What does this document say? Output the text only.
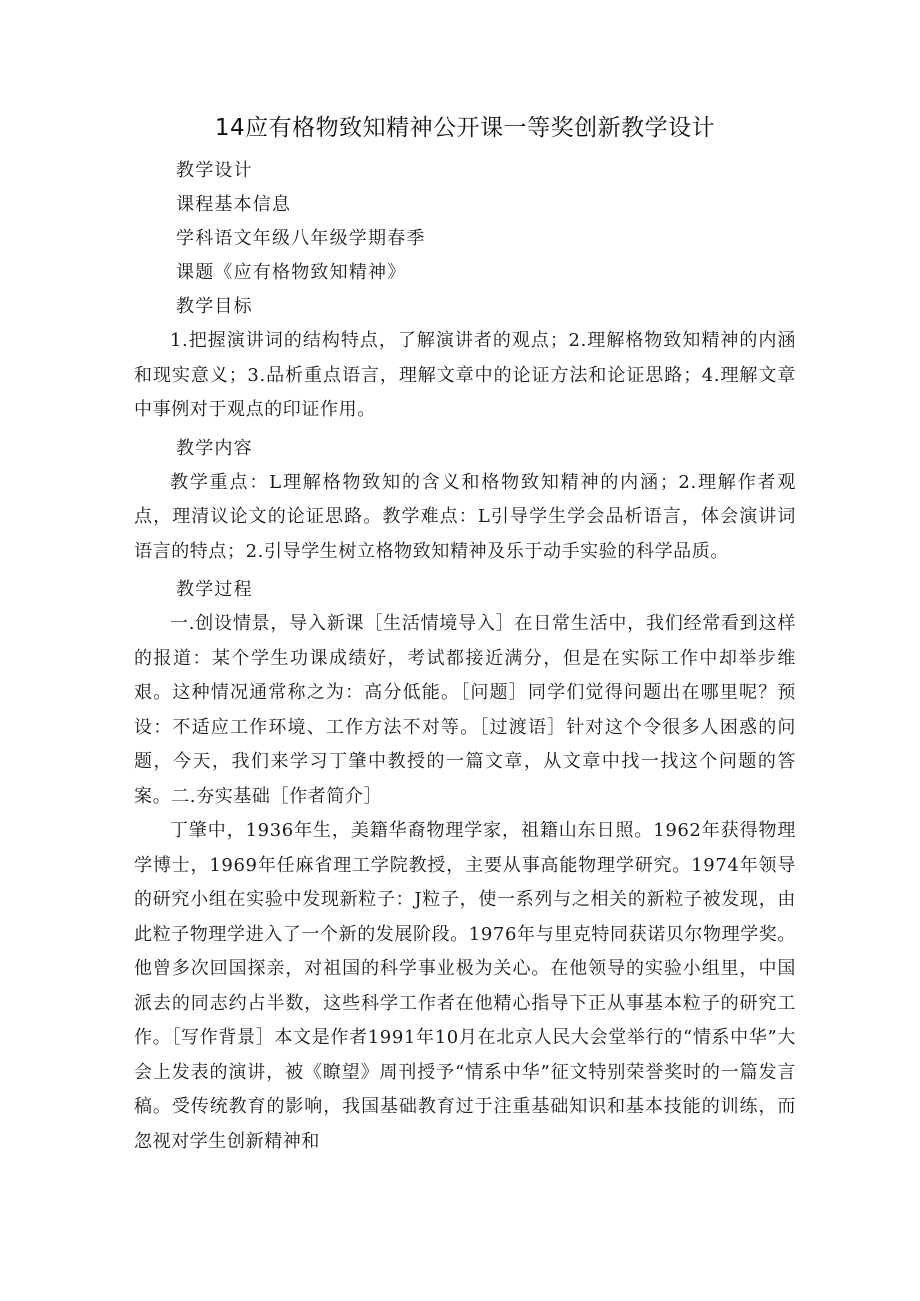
14应有格物致知精神公开课一等奖创新教学设计

教学设计

课程基本信息

学科语文年级八年级学期春季

课题《应有格物致知精神》

教学目标

1.把握演讲词的结构特点，了解演讲者的观点；2.理解格物致知精神的内涵和现实意义；3.品析重点语言，理解文章中的论证方法和论证思路；4.理解文章中事例对于观点的印证作用。

教学内容

教学重点：L理解格物致知的含义和格物致知精神的内涵；2.理解作者观点，理清议论文的论证思路。教学难点：L引导学生学会品析语言，体会演讲词语言的特点；2.引导学生树立格物致知精神及乐于动手实验的科学品质。

教学过程

一.创设情景，导入新课［生活情境导入］在日常生活中，我们经常看到这样的报道：某个学生功课成绩好，考试都接近满分，但是在实际工作中却举步维艰。这种情况通常称之为：高分低能。［问题］同学们觉得问题出在哪里呢？预设：不适应工作环境、工作方法不对等。［过渡语］针对这个令很多人困惑的问题，今天，我们来学习丁肇中教授的一篇文章，从文章中找一找这个问题的答案。二.夯实基础［作者简介］

丁肇中，1936年生，美籍华裔物理学家，祖籍山东日照。1962年获得物理学博士，1969年任麻省理工学院教授，主要从事高能物理学研究。1974年领导的研究小组在实验中发现新粒子：J粒子，使一系列与之相关的新粒子被发现，由此粒子物理学进入了一个新的发展阶段。1976年与里克特同获诺贝尔物理学奖。他曾多次回国探亲，对祖国的科学事业极为关心。在他领导的实验小组里，中国派去的同志约占半数，这些科学工作者在他精心指导下正从事基本粒子的研究工作。［写作背景］本文是作者1991年10月在北京人民大会堂举行的“情系中华”大会上发表的演讲，被《瞭望》周刊授予“情系中华”征文特别荣誉奖时的一篇发言稿。受传统教育的影响，我国基础教育过于注重基础知识和基本技能的训练，而忽视对学生创新精神和
